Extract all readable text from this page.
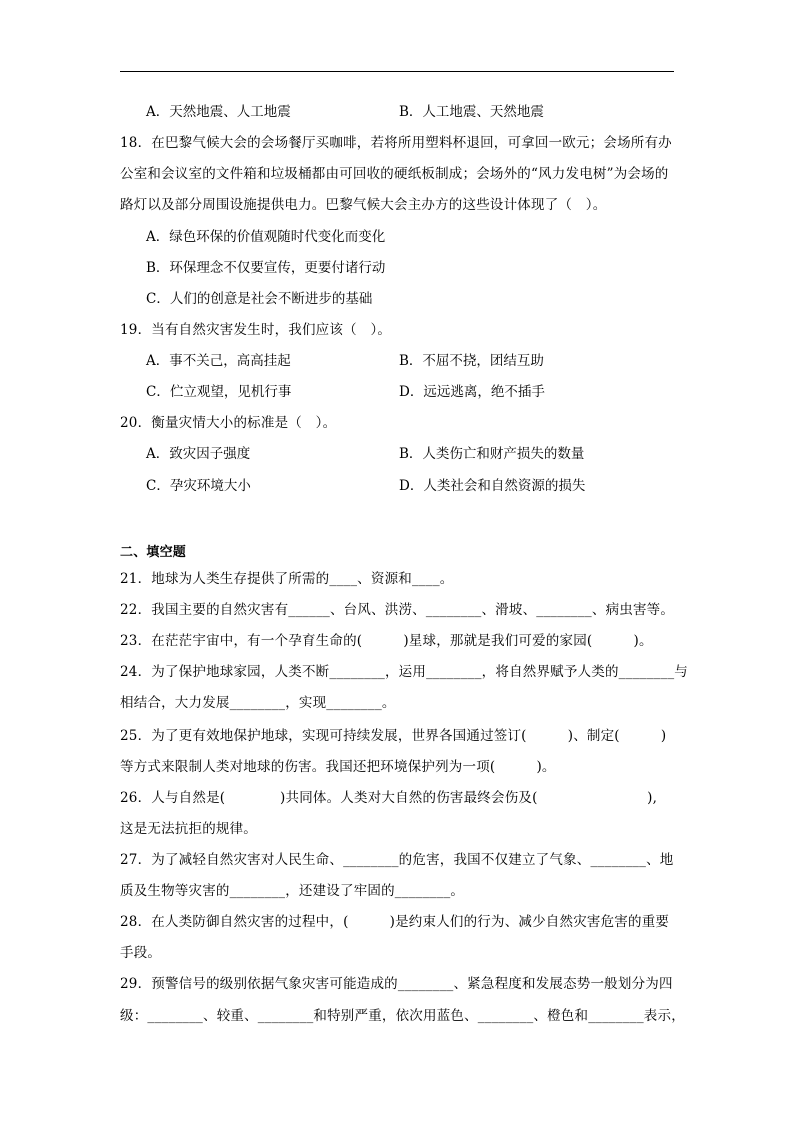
A．天然地震、人工地震	B．人工地震、天然地震
18．在巴黎气候大会的会场餐厅买咖啡，若将所用塑料杯退回，可拿回一欧元；会场所有办
公室和会议室的文件箱和垃圾桶都由可回收的硬纸板制成；会场外的“风力发电树”为会场的
路灯以及部分周围设施提供电力。巴黎气候大会主办方的这些设计体现了（　）。
A．绿色环保的价值观随时代变化而变化
B．环保理念不仅要宣传，更要付诸行动
C．人们的创意是社会不断进步的基础
19．当有自然灾害发生时，我们应该（　）。
A．事不关己，高高挂起	B．不屈不挠，团结互助
C．伫立观望，见机行事	D．远远逃离，绝不插手
20．衡量灾情大小的标准是（　）。
A．致灾因子强度	B．人类伤亡和财产损失的数量
C．孕灾环境大小	D．人类社会和自然资源的损失
二、填空题
21．地球为人类生存提供了所需的____、资源和____。
22．我国主要的自然灾害有______、台风、洪涝、________、滑坡、________、病虫害等。
23．在茫茫宇宙中，有一个孕育生命的(　　　)星球，那就是我们可爱的家园(　　　)。
24．为了保护地球家园，人类不断________，运用________，将自然界赋予人类的________与
相结合，大力发展________，实现________。
25．为了更有效地保护地球，实现可持续发展，世界各国通过签订(　　　)、制定(　　　)
等方式来限制人类对地球的伤害。我国还把环境保护列为一项(　　　)。
26．人与自然是(　　　　)共同体。人类对大自然的伤害最终会伤及(　　　　　　　　),
这是无法抗拒的规律。
27．为了减轻自然灾害对人民生命、________的危害，我国不仅建立了气象、________、地
质及生物等灾害的________，还建设了牢固的________。
28．在人类防御自然灾害的过程中，(　　　)是约束人们的行为、减少自然灾害危害的重要
手段。
29．预警信号的级别依据气象灾害可能造成的________、紧急程度和发展态势一般划分为四
级：________、较重、________和特别严重，依次用蓝色、________、橙色和________表示，
